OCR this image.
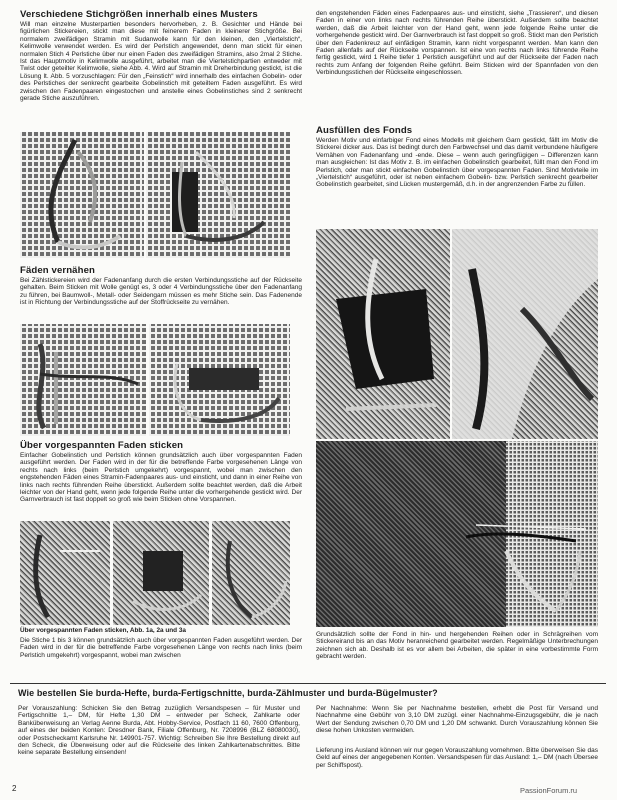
Verschiedene Stichgrößen innerhalb eines Musters

Will man einzelne Musterpartien besonders hervorheben, z. B. Gesichter und Hände bei figürlichen Stickereien, stickt man diese mit feinerem Faden in kleinerer Stichgröße. Bei normalem zweifädigen Stramin mit Sudanwolle kann für den kleinen, den „Viertelstich“, Kelimwolle verwendet werden. Es wird der Perlstich angewendet, denn man stickt für einen normalen Stich 4 Perlstiche über nur einen Faden des zweifädigen Stramins, also 2mal 2 Stiche. Ist das Hauptmotiv in Kelimwolle ausgeführt, arbeitet man die Viertelstichpartien entweder mit Twist oder geteilter Kelimwolle, siehe Abb. 4. Wird auf Stramin mit Dreherbindung gestickt, ist die Lösung lt. Abb. 5 vorzuschlagen: Für den „Feinstich“ wird innerhalb des einfachen Gobelin- oder des Perlstiches der senkrecht gearbeite Gobelinstich mit geteiltem Faden ausgeführt. Es wird zwischen den Fadenpaaren eingestochen und anstelle eines Gobelinstiches sind 2 senkrecht gerade Stiche auszuführen.

Fäden vernähen

Bei Zählstickereien wird der Fadenanfang durch die ersten Verbindungsstiche auf der Rückseite gehalten. Beim Sticken mit Wolle genügt es, 3 oder 4 Verbindungsstiche über den Fadenanfang zu führen, bei Baumwoll-, Metall- oder Seidengarn müssen es mehr Stiche sein. Das Fadenende ist in Richtung der Verbindungsstiche auf der Stoffrückseite zu vernähen.

Über vorgespannten Faden sticken

Einfacher Gobelinstich und Perlstich können grundsätzlich auch über vorgespannten Faden ausgeführt werden. Der Faden wird in der für die betreffende Farbe vorgesehenen Länge von rechts nach links (beim Perlstich umgekehrt) vorgespannt, wobei man zwischen den engstehenden Fäden eines Stramin-Fadenpaares aus- und einsticht, und dann in einer Reihe von links nach rechts führenden Reihe überstickt. Außerdem sollte beachtet werden, daß die Arbeit leichter von der Hand geht, wenn jede folgende Reihe unter die vorhergehende gestickt wird. Der Garnverbrauch ist fast doppelt so groß wie beim Sticken ohne Vorspannen.

Über vorgespannten Faden sticken, Abb. 1a, 2a und 3a

Die Stiche 1 bis 3 können grundsätzlich auch über vorgespannten Faden ausgeführt werden. Der Faden wird in der für die betreffende Farbe vorgesehenen Länge von rechts nach links (beim Perlstich umgekehrt) vorgespannt, wobei man zwischen

den engstehenden Fäden eines Fadenpaares aus- und einsticht, siehe „Trassieren“, und diesen Faden in einer von links nach rechts führenden Reihe überstickt. Außerdem sollte beachtet werden, daß die Arbeit leichter von der Hand geht, wenn jede folgende Reihe unter die vorhergehende gestickt wird. Der Garnverbrauch ist fast doppelt so groß. Stickt man den Perlstich über den Fadenkreuz auf einfädigen Stramin, kann nicht vorgespannt werden. Man kann den Faden allenfalls auf der Rückseite vorspannen. Ist eine von rechts nach links führende Reihe fertig gestickt, wird 1 Reihe tiefer 1 Perlstich ausgeführt und auf der Rückseite der Faden nach rechts zum Anfang der folgenden Reihe geführt. Beim Sticken wird der Spannfaden von den Verbindungsstichen der Rückseite eingeschlossen.

Ausfüllen des Fonds

Werden Motiv und einfarbiger Fond eines Modells mit gleichem Garn gestickt, fällt im Motiv die Stickerei dicker aus. Das ist bedingt durch den Farbwechsel und das damit verbundene häufigere Vernähen von Fadenanfang und -ende. Diese – wenn auch geringfügigen – Differenzen kann man ausgleichen: Ist das Motiv z. B. im einfachen Gobelinstich gearbeitet, füllt man den Fond im Perlstich, oder man stickt einfachen Gobelinstich über vorgespannten Faden. Sind Motivteile im „Viertelstich“ ausgeführt, oder ist neben einfachem Gobelin- bzw. Perlstich senkrecht gearbeiter Gobelinstich gearbeitet, sind Lücken mustergemäß, d.h. in der angrenzenden Farbe zu füllen.

Grundsätzlich sollte der Fond in hin- und hergehenden Reihen oder in Schrägreihen vom Stickereirand bis an das Motiv heranreichend gearbeitet werden. Regelmäßige Unterbrechungen zeichnen sich ab. Deshalb ist es vor allem bei Arbeiten, die später in eine vorbestimmte Form gebracht werden.

Wie bestellen Sie burda-Hefte, burda-Fertigschnitte, burda-Zählmuster und burda-Bügelmuster?

Per Vorauszahlung: Schicken Sie den Betrag zuzüglich Versandspesen – für Muster und Fertigschnitte 1,– DM, für Hefte 1,30 DM – entweder per Scheck, Zahlkarte oder Banküberweisung an Verlag Aenne Burda, Abt. Hobby-Service, Postfach 11 60, 7600 Offenburg, auf eines der beiden Konten: Dresdner Bank, Filiale Offenburg, Nr. 7208996 (BLZ 68080030), oder Postscheckamt Karlsruhe Nr. 149901-757. Wichtig: Schreiben Sie Ihre Bestellung direkt auf den Scheck, die Überweisung oder auf die Rückseite des linken Zahlkartenabschnittes. Bitte keine separate Bestellung einsenden!

Per Nachnahme: Wenn Sie per Nachnahme bestellen, erhebt die Post für Versand und Nachnahme eine Gebühr von 3,10 DM zuzügl. einer Nachnahme-Einzugsgebühr, die je nach Wert der Sendung zwischen 0,70 DM und 1,20 DM schwankt. Durch Vorauszahlung können Sie diese hohen Unkosten vermeiden.

Lieferung ins Ausland können wir nur gegen Vorauszahlung vornehmen. Bitte überweisen Sie das Geld auf eines der angegebenen Konten. Versandspesen für das Ausland: 1,– DM (nach Übersee per Schiffspost).

2	PassionForum.ru
